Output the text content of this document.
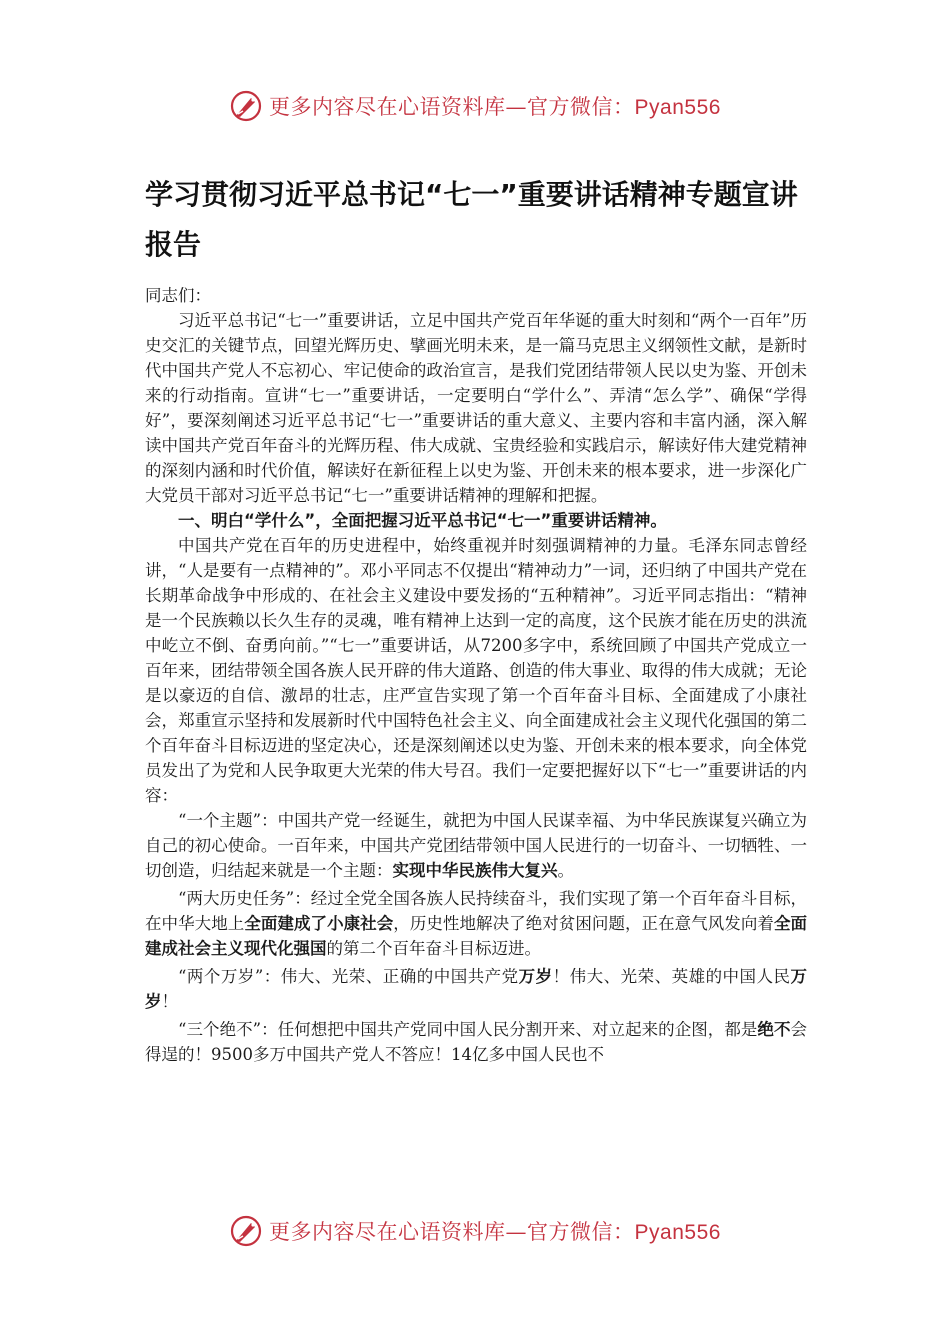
更多内容尽在心语资料库—官方微信：Pyan556
学习贯彻习近平总书记“七一”重要讲话精神专题宣讲报告

同志们：

习近平总书记“七一”重要讲话，立足中国共产党百年华诞的重大时刻和“两个一百年”历史交汇的关键节点，回望光辉历史、擘画光明未来，是一篇马克思主义纲领性文献，是新时代中国共产党人不忘初心、牢记使命的政治宣言，是我们党团结带领人民以史为鉴、开创未来的行动指南。宣讲“七一”重要讲话，一定要明白“学什么”、弄清“怎么学”、确保“学得好”，要深刻阐述习近平总书记“七一”重要讲话的重大意义、主要内容和丰富内涵，深入解读中国共产党百年奋斗的光辉历程、伟大成就、宝贵经验和实践启示，解读好伟大建党精神的深刻内涵和时代价值，解读好在新征程上以史为鉴、开创未来的根本要求，进一步深化广大党员干部对习近平总书记“七一”重要讲话精神的理解和把握。

一、明白“学什么”，全面把握习近平总书记“七一”重要讲话精神。

中国共产党在百年的历史进程中，始终重视并时刻强调精神的力量。毛泽东同志曾经讲，“人是要有一点精神的”。邓小平同志不仅提出“精神动力”一词，还归纳了中国共产党在长期革命战争中形成的、在社会主义建设中要发扬的“五种精神”。习近平同志指出：“精神是一个民族赖以长久生存的灵魂，唯有精神上达到一定的高度，这个民族才能在历史的洪流中屹立不倒、奋勇向前。”“七一”重要讲话，从7200多字中，系统回顾了中国共产党成立一百年来，团结带领全国各族人民开辟的伟大道路、创造的伟大事业、取得的伟大成就；无论是以豪迈的自信、激昂的壮志，庄严宣告实现了第一个百年奋斗目标、全面建成了小康社会，郑重宣示坚持和发展新时代中国特色社会主义、向全面建成社会主义现代化强国的第二个百年奋斗目标迈进的坚定决心，还是深刻阐述以史为鉴、开创未来的根本要求，向全体党员发出了为党和人民争取更大光荣的伟大号召。我们一定要把握好以下“七一”重要讲话的内容：

“一个主题”：中国共产党一经诞生，就把为中国人民谋幸福、为中华民族谋复兴确立为自己的初心使命。一百年来，中国共产党团结带领中国人民进行的一切奋斗、一切牺牲、一切创造，归结起来就是一个主题：实现中华民族伟大复兴。

“两大历史任务”：经过全党全国各族人民持续奋斗，我们实现了第一个百年奋斗目标，在中华大地上全面建成了小康社会，历史性地解决了绝对贫困问题，正在意气风发向着全面建成社会主义现代化强国的第二个百年奋斗目标迈进。

“两个万岁”：伟大、光荣、正确的中国共产党万岁！伟大、光荣、英雄的中国人民万岁！

“三个绝不”：任何想把中国共产党同中国人民分割开来、对立起来的企图，都是绝不会得逞的！9500多万中国共产党人不答应！14亿多中国人民也不

更多内容尽在心语资料库—官方微信：Pyan556
